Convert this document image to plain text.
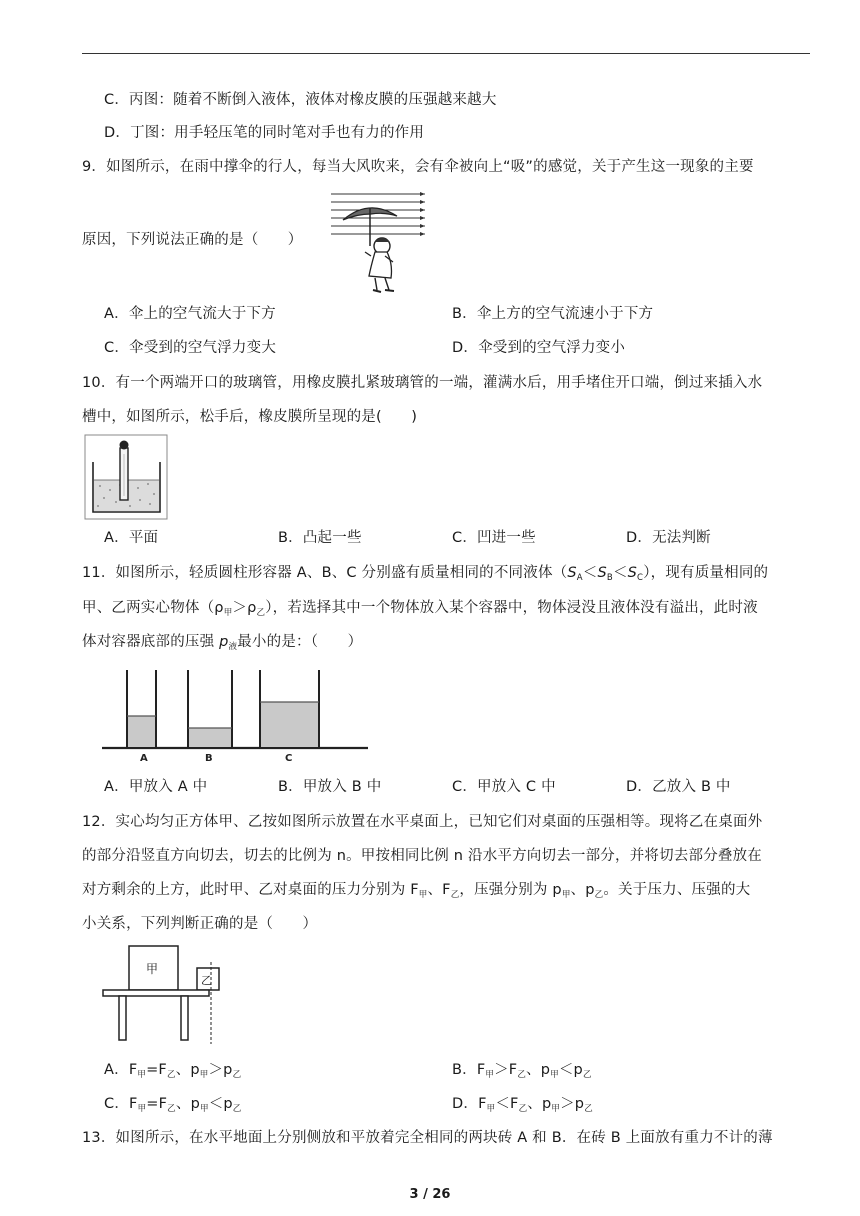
C．丙图：随着不断倒入液体，液体对橡皮膜的压强越来越大
D．丁图：用手轻压笔的同时笔对手也有力的作用
9．如图所示，在雨中撑伞的行人，每当大风吹来，会有伞被向上“吸”的感觉，关于产生这一现象的主要
原因，下列说法正确的是（　　）
A．伞上的空气流大于下方	B．伞上方的空气流速小于下方
C．伞受到的空气浮力变大	D．伞受到的空气浮力变小
10．有一个两端开口的玻璃管，用橡皮膜扎紧玻璃管的一端，灌满水后，用手堵住开口端，倒过来插入水
槽中，如图所示，松手后，橡皮膜所呈现的是(　　)
A．平面	B．凸起一些	C．凹进一些	D．无法判断
11．如图所示，轻质圆柱形容器 A、B、C 分别盛有质量相同的不同液体$(S_A<S_B<S_C)$，现有质量相同的
甲、乙两实心物体$(\rho_甲>\rho_乙)$，若选择其中一个物体放入某个容器中，物体浸没且液体没有溢出，此时液
体对容器底部的压强 $p_液$最小的是：（　　）
A	B	C
A．甲放入 A 中	B．甲放入 B 中	C．甲放入 C 中	D．乙放入 B 中
12．实心均匀正方体甲、乙按如图所示放置在水平桌面上，已知它们对桌面的压强相等。现将乙在桌面外
的部分沿竖直方向切去，切去的比例为 n。甲按相同比例 n 沿水平方向切去一部分，并将切去部分叠放在
对方剩余的上方，此时甲、乙对桌面的压力分别为 $F_甲$、$F_乙$，压强分别为 $p_甲$、$p_乙$。关于压力、压强的大
小关系，下列判断正确的是（　　）
甲
乙
A．$F_甲=F_乙$、$p_甲>p_乙$	B．$F_甲>F_乙$、$p_甲<p_乙$
C．$F_甲=F_乙$、$p_甲<p_乙$	D．$F_甲<F_乙$、$p_甲>p_乙$
13．如图所示，在水平地面上分别侧放和平放着完全相同的两块砖 A 和 B．在砖 B 上面放有重力不计的薄
3 / 26
